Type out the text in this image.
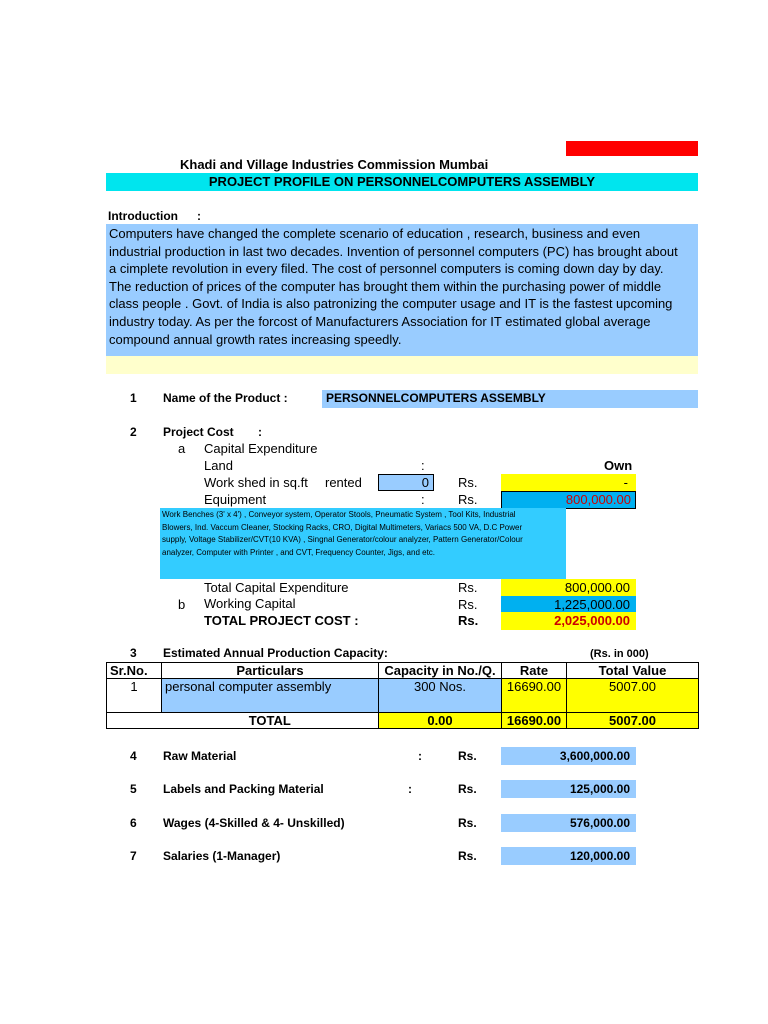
Khadi and Village Industries Commission Mumbai
PROJECT PROFILE ON PERSONNELCOMPUTERS ASSEMBLY
Introduction :
Computers have changed the complete scenario of education , research, business and even
industrial production in last two decades. Invention of personnel computers (PC) has brought about
a cimplete revolution in every filed. The cost of personnel computers is coming down day by day.
The reduction of prices of the computer has brought them within the purchasing power of middle
class people . Govt. of India is also patronizing the computer usage and IT is the fastest upcoming
industry today. As per the forcost of Manufacturers Association for IT estimated global average
compound annual growth rates increasing speedly.
1 Name of the Product :	PERSONNELCOMPUTERS ASSEMBLY
2 Project Cost :
a Capital Expenditure
Land	:	Own
Work shed in sq.ft rented	0	Rs.	-
Equipment	:	Rs.	800,000.00
Work Benches (3' x 4') , Conveyor system, Operator Stools, Pneumatic System , Tool Kits, Industrial
Blowers, Ind. Vaccum Cleaner, Stocking Racks, CRO, Digital Multimeters, Variacs 500 VA, D.C Power
supply, Voltage Stabilizer/CVT(10 KVA) , Singnal Generator/colour analyzer, Pattern Generator/Colour
analyzer, Computer with Printer , and CVT, Frequency Counter, Jigs, and etc.
Total Capital Expenditure	Rs.	800,000.00
b Working Capital	Rs.	1,225,000.00
TOTAL PROJECT COST :	Rs.	2,025,000.00
3 Estimated Annual Production Capacity:	(Rs. in 000)
Sr.No.	Particulars	Capacity in No./Q.	Rate	Total Value
1	personal computer assembly	300 Nos.	16690.00	5007.00
	TOTAL	0.00	16690.00	5007.00
4 Raw Material	:	Rs.	3,600,000.00
5 Labels and Packing Material	:	Rs.	125,000.00
6 Wages (4-Skilled & 4- Unskilled)	Rs.	576,000.00
7 Salaries (1-Manager)	Rs.	120,000.00
